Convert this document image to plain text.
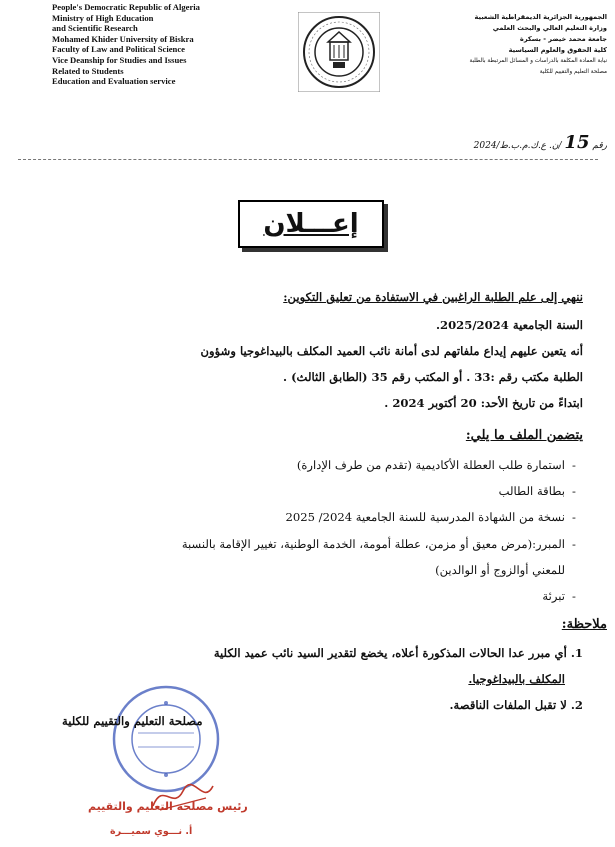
People's Democratic Republic of Algeria
Ministry of High Education
and Scientific Research
Mohamed Khider University of Biskra
Faculty of Law and Political Science
Vice Deanship for Studies and Issues
Related to Students
Education and Evaluation service
الجمهورية الجزائرية الديمقراطية الشعبية
وزارة التعليم العالي والبحث العلمي
جامعة محمد خيضر - بسكرة
كلية الحقوق والعلوم السياسية
نيابة العمادة المكلفة بالدراسات و المسائل المرتبطة بالطلبة
مصلحة التعليم والتقييم للكلية
رقم 15 /ن. ع.ك.م.ب.ط/2024
إعـــلان
ننهي إلى علم الطلبة الراغبين في الاستفادة من تعليق التكوين:
السنة الجامعية 2025/2024.
أنه يتعين عليهم إيداع ملفاتهم لدى أمانة نائب العميد المكلف بالبيداغوجيا وشؤون
الطلبة مكتب رقم :33 . أو المكتب رقم 35 (الطابق الثالث) .
ابتداءً من تاريخ الأحد: 20 أكتوبر 2024 .
يتضمن الملف ما يلي:
- استمارة طلب العطلة الأكاديمية (تقدم من طرف الإدارة)
- بطاقة الطالب
- نسخة من الشهادة المدرسية للسنة الجامعية 2024/ 2025
- المبرر:(مرض معيق أو مزمن، عطلة أمومة، الخدمة الوطنية، تغيير الإقامة بالنسبة
للمعني أوالزوج أو الوالدين)
- تبرئة
ملاحظة:
1. أي مبرر عدا الحالات المذكورة أعلاه، يخضع لتقدير السيد نائب عميد الكلية
المكلف بالبيداغوجيا.
2. لا تقبل الملفات الناقصة.
مصلحة التعليم والتقييم للكلية
رئيس مصلحة التعليم والتقييم
أ. نـــوي سميـــرة
